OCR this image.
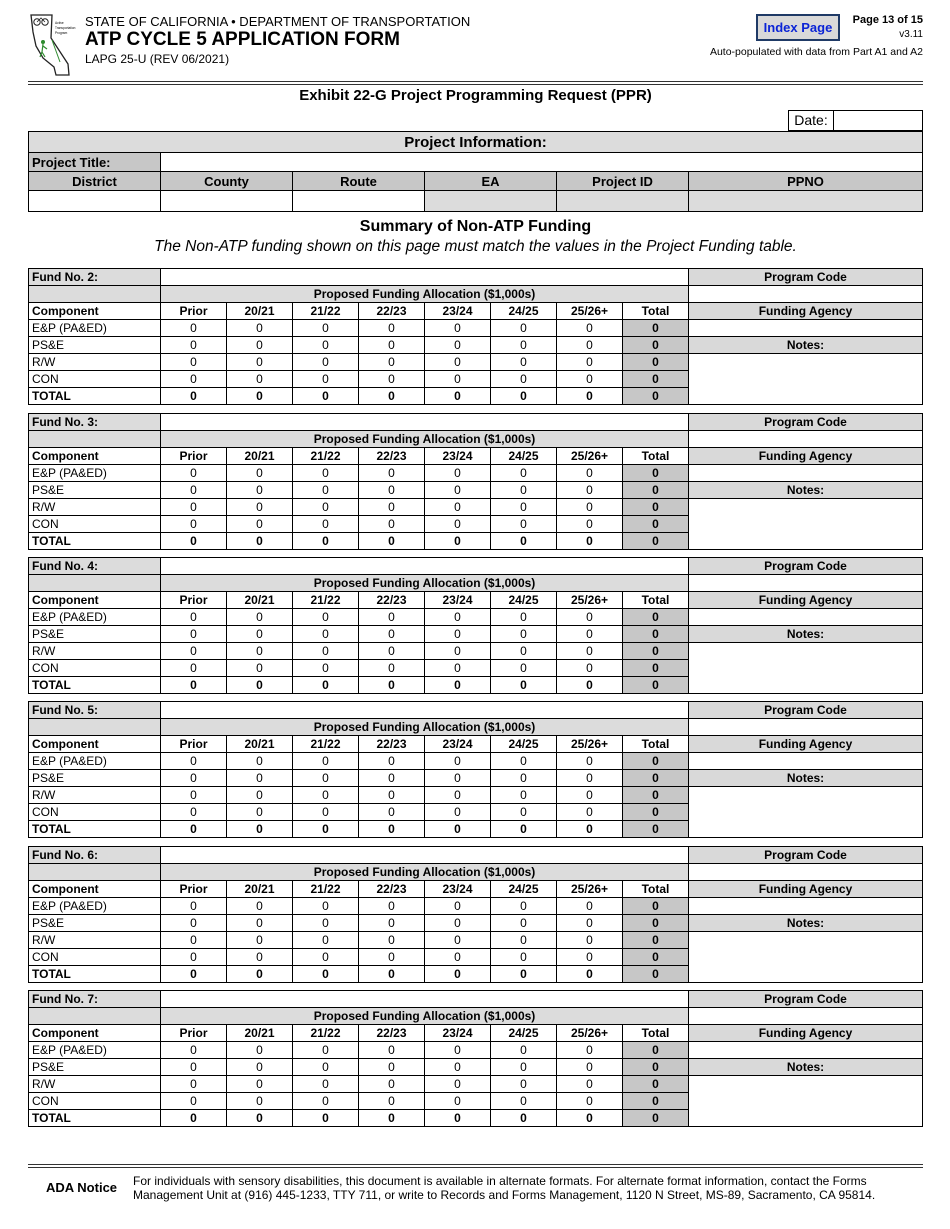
Active
Transportation
Program
STATE OF CALIFORNIA • DEPARTMENT OF TRANSPORTATION
ATP CYCLE 5 APPLICATION FORM
LAPG 25-U (REV 06/2021)
Index Page	Page 13 of 15
v3.11
Auto-populated with data from Part A1 and A2
Exhibit 22-G Project Programming Request (PPR)
Date:
Project Information:					
Project Title:					
District	County	Route	EA	Project ID	PPNO

Summary of Non-ATP Funding
The Non-ATP funding shown on this page must match the values in the Project Funding table.
Fund No. 2:									Program Code
	Proposed Funding Allocation ($1,000s)								
Component	Prior	20/21	21/22	22/23	23/24	24/25	25/26+	Total	Funding Agency
E&P (PA&ED)	0	0	0	0	0	0	0	0	
PS&E	0	0	0	0	0	0	0	0	Notes:
R/W	0	0	0	0	0	0	0	0	
CON	0	0	0	0	0	0	0	0	
TOTAL	0	0	0	0	0	0	0	0	
Fund No. 3:									Program Code
	Proposed Funding Allocation ($1,000s)								
Component	Prior	20/21	21/22	22/23	23/24	24/25	25/26+	Total	Funding Agency
E&P (PA&ED)	0	0	0	0	0	0	0	0	
PS&E	0	0	0	0	0	0	0	0	Notes:
R/W	0	0	0	0	0	0	0	0	
CON	0	0	0	0	0	0	0	0	
TOTAL	0	0	0	0	0	0	0	0	
Fund No. 4:									Program Code
	Proposed Funding Allocation ($1,000s)								
Component	Prior	20/21	21/22	22/23	23/24	24/25	25/26+	Total	Funding Agency
E&P (PA&ED)	0	0	0	0	0	0	0	0	
PS&E	0	0	0	0	0	0	0	0	Notes:
R/W	0	0	0	0	0	0	0	0	
CON	0	0	0	0	0	0	0	0	
TOTAL	0	0	0	0	0	0	0	0	
Fund No. 5:									Program Code
	Proposed Funding Allocation ($1,000s)								
Component	Prior	20/21	21/22	22/23	23/24	24/25	25/26+	Total	Funding Agency
E&P (PA&ED)	0	0	0	0	0	0	0	0	
PS&E	0	0	0	0	0	0	0	0	Notes:
R/W	0	0	0	0	0	0	0	0	
CON	0	0	0	0	0	0	0	0	
TOTAL	0	0	0	0	0	0	0	0	
Fund No. 6:									Program Code
	Proposed Funding Allocation ($1,000s)								
Component	Prior	20/21	21/22	22/23	23/24	24/25	25/26+	Total	Funding Agency
E&P (PA&ED)	0	0	0	0	0	0	0	0	
PS&E	0	0	0	0	0	0	0	0	Notes:
R/W	0	0	0	0	0	0	0	0	
CON	0	0	0	0	0	0	0	0	
TOTAL	0	0	0	0	0	0	0	0	
Fund No. 7:									Program Code
	Proposed Funding Allocation ($1,000s)								
Component	Prior	20/21	21/22	22/23	23/24	24/25	25/26+	Total	Funding Agency
E&P (PA&ED)	0	0	0	0	0	0	0	0	
PS&E	0	0	0	0	0	0	0	0	Notes:
R/W	0	0	0	0	0	0	0	0	
CON	0	0	0	0	0	0	0	0	
TOTAL	0	0	0	0	0	0	0	0	
ADA Notice For individuals with sensory disabilities, this document is available in alternate formats. For alternate format information, contact the Forms Management Unit at (916) 445-1233, TTY 711, or write to Records and Forms Management, 1120 N Street, MS-89, Sacramento, CA 95814.
